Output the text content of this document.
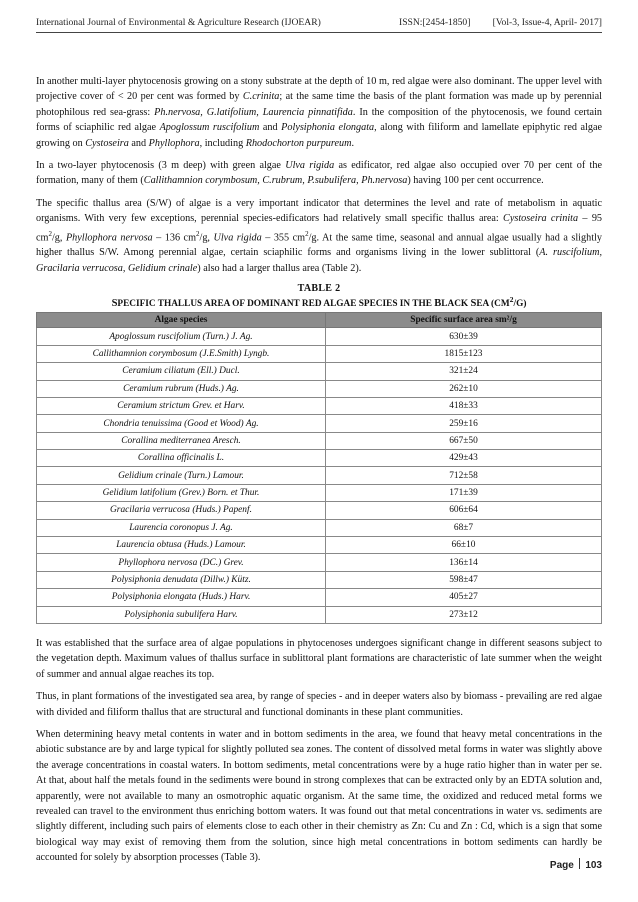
International Journal of Environmental & Agriculture Research (IJOEAR)	ISSN:[2454-1850] [Vol-3, Issue-4, April- 2017]

In another multi-layer phytocenosis growing on a stony substrate at the depth of 10 m, red algae were also dominant. The upper level with projective cover of < 20 per cent was formed by C.crinita; at the same time the basis of the plant formation was made up by perennial photophilous red sea-grass: Ph.nervosa, G.latifolium, Laurencia pinnatifida. In the composition of the phytocenosis, we found certain forms of sciaphilic red algae Apoglossum ruscifolium and Polysiphonia elongata, along with filiform and lamellate epiphytic red algae growing on Cystoseira and Phyllophora, including Rhodochorton purpureum.

In a two-layer phytocenosis (3 m deep) with green algae Ulva rigida as edificator, red algae also occupied over 70 per cent of the formation, many of them (Callithamnion corymbosum, C.rubrum, P.subulifera, Ph.nervosa) having 100 per cent occurrence.

The specific thallus area (S/W) of algae is a very important indicator that determines the level and rate of metabolism in aquatic organisms. With very few exceptions, perennial species-edificators had relatively small specific thallus area: Cystoseira crinita – 95 $cm^2/g$, Phyllophora nervosa – 136 $cm^2/g$, Ulva rigida – 355 $cm^2/g$. At the same time, seasonal and annual algae usually had a slightly higher thallus S/W. Among perennial algae, certain sciaphilic forms and organisms living in the lower sublittoral (A. ruscifolium, Gracilaria verrucosa, Gelidium crinale) also had a larger thallus area (Table 2).

TABLE 2
SPECIFIC THALLUS AREA OF DOMINANT RED ALGAE SPECIES IN THE BLACK SEA $(CM^2/G)$
Algae species	Specific surface area sm²/g
Apoglossum ruscifolium (Turn.) J. Ag.	630±39
Callithamnion corymbosum (J.E.Smith) Lyngb.	1815±123
Ceramium ciliatum (Ell.) Ducl.	321±24
Ceramium rubrum (Huds.) Ag.	262±10
Ceramium strictum Grev. et Harv.	418±33
Chondria tenuissima (Good et Wood) Ag.	259±16
Corallina mediterranea Aresch.	667±50
Corallina officinalis L.	429±43
Gelidium crinale (Turn.) Lamour.	712±58
Gelidium latifolium (Grev.) Born. et Thur.	171±39
Gracilaria verrucosa (Huds.) Papenf.	606±64
Laurencia coronopus J. Ag.	68±7
Laurencia obtusa (Huds.) Lamour.	66±10
Phyllophora nervosa (DC.) Grev.	136±14
Polysiphonia denudata (Dillw.) Kütz.	598±47
Polysiphonia elongata (Huds.) Harv.	405±27
Polysiphonia subulifera Harv.	273±12

It was established that the surface area of algae populations in phytocenoses undergoes significant change in different seasons subject to the vegetation depth. Maximum values of thallus surface in sublittoral plant formations are characteristic of late summer when the weight of summer and annual algae reaches its top.

Thus, in plant formations of the investigated sea area, by range of species - and in deeper waters also by biomass - prevailing are red algae with divided and filiform thallus that are structural and functional dominants in these plant communities.

When determining heavy metal contents in water and in bottom sediments in the area, we found that heavy metal concentrations in the abiotic substance are by and large typical for slightly polluted sea zones. The content of dissolved metal forms in water was slightly above the average concentrations in coastal waters. In bottom sediments, metal concentrations were by a huge ratio higher than in water per se. At that, about half the metals found in the sediments were bound in strong complexes that can be extracted only by an EDTA solution and, apparently, were not available to many an osmotrophic aquatic organism. At the same time, the oxidized and reduced metal forms we revealed can travel to the environment thus enriching bottom waters. It was found out that metal concentrations in water vs. sediments are slightly different, including such pairs of elements close to each other in their chemistry as Zn: Cu and Zn : Cd, which is a sign that some biological way may exist of removing them from the solution, since high metal concentrations in bottom sediments can hardly be accounted for solely by absorption processes (Table 3).

Page 103
